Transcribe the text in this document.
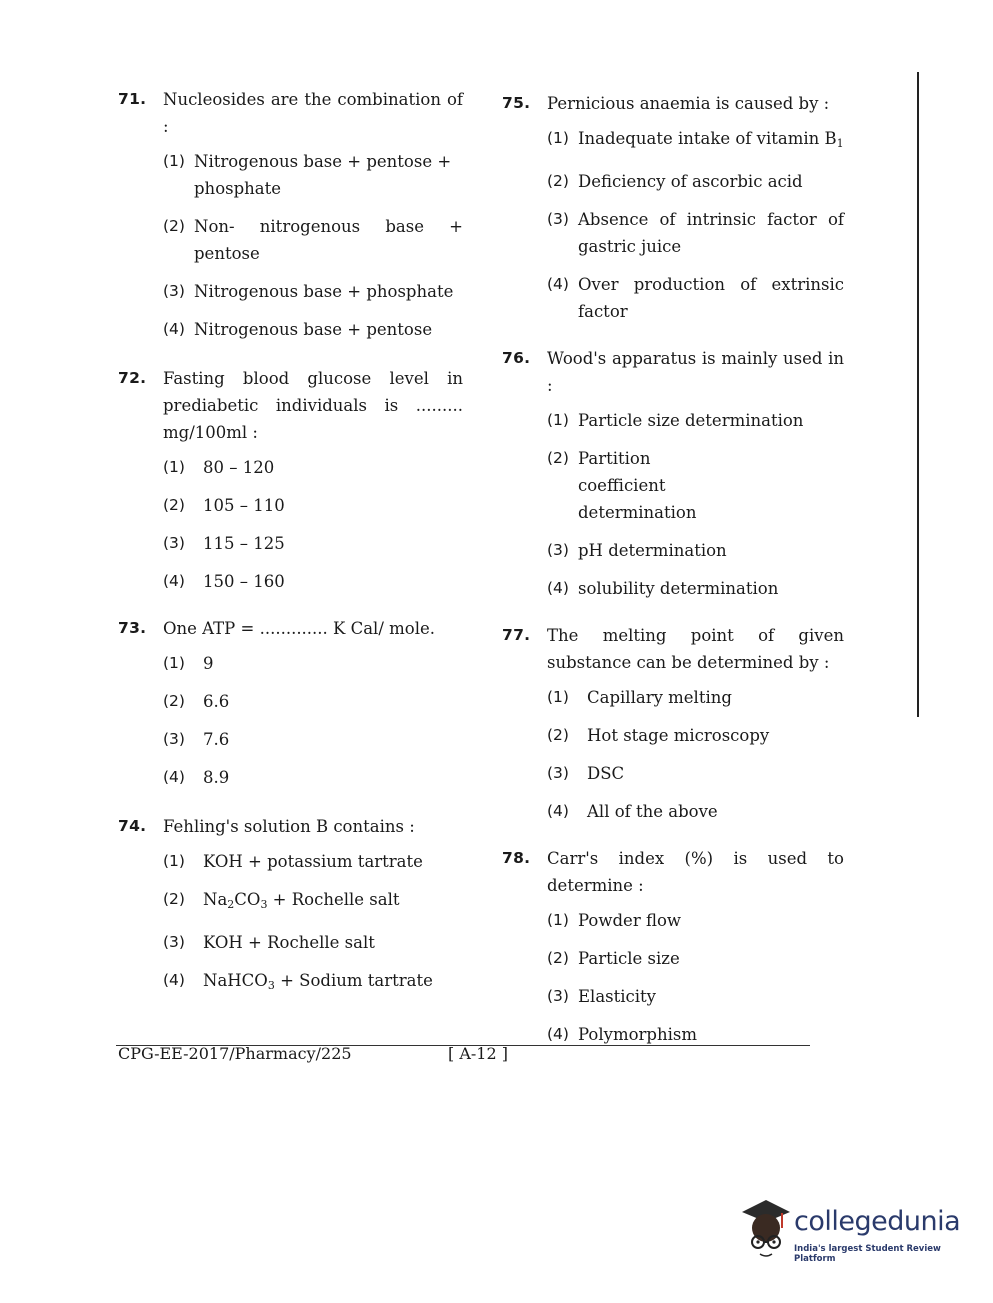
71. Nucleosides are the combination of :
(1) Nitrogenous base + pentose + phosphate
(2) Non- nitrogenous base + pentose
(3) Nitrogenous base + phosphate
(4) Nitrogenous base + pentose
72. Fasting blood glucose level in prediabetic individuals is ......... mg/100ml :
(1) 80 – 120
(2) 105 – 110
(3) 115 – 125
(4) 150 – 160
73. One ATP = ............. K Cal/ mole.
(1) 9
(2) 6.6
(3) 7.6
(4) 8.9
74. Fehling's solution B contains :
(1) KOH + potassium tartrate
(2) $Na_2CO_3$ + Rochelle salt
(3) KOH + Rochelle salt
(4) NaHCO$_3$ + Sodium tartrate
75. Pernicious anaemia is caused by :
(1) Inadequate intake of vitamin $B_1$
(2) Deficiency of ascorbic acid
(3) Absence of intrinsic factor of gastric juice
(4) Over production of extrinsic factor
76. Wood's apparatus is mainly used in :
(1) Particle size determination
(2) Partition coefficient determination
(3) pH determination
(4) solubility determination
77. The melting point of given substance can be determined by :
(1) Capillary melting
(2) Hot stage microscopy
(3) DSC
(4) All of the above
78. Carr's index (%) is used to determine :
(1) Powder flow
(2) Particle size
(3) Elasticity
(4) Polymorphism
CPG-EE-2017/Pharmacy/225	[ A-12 ]
collegedunia
India's largest Student Review Platform
